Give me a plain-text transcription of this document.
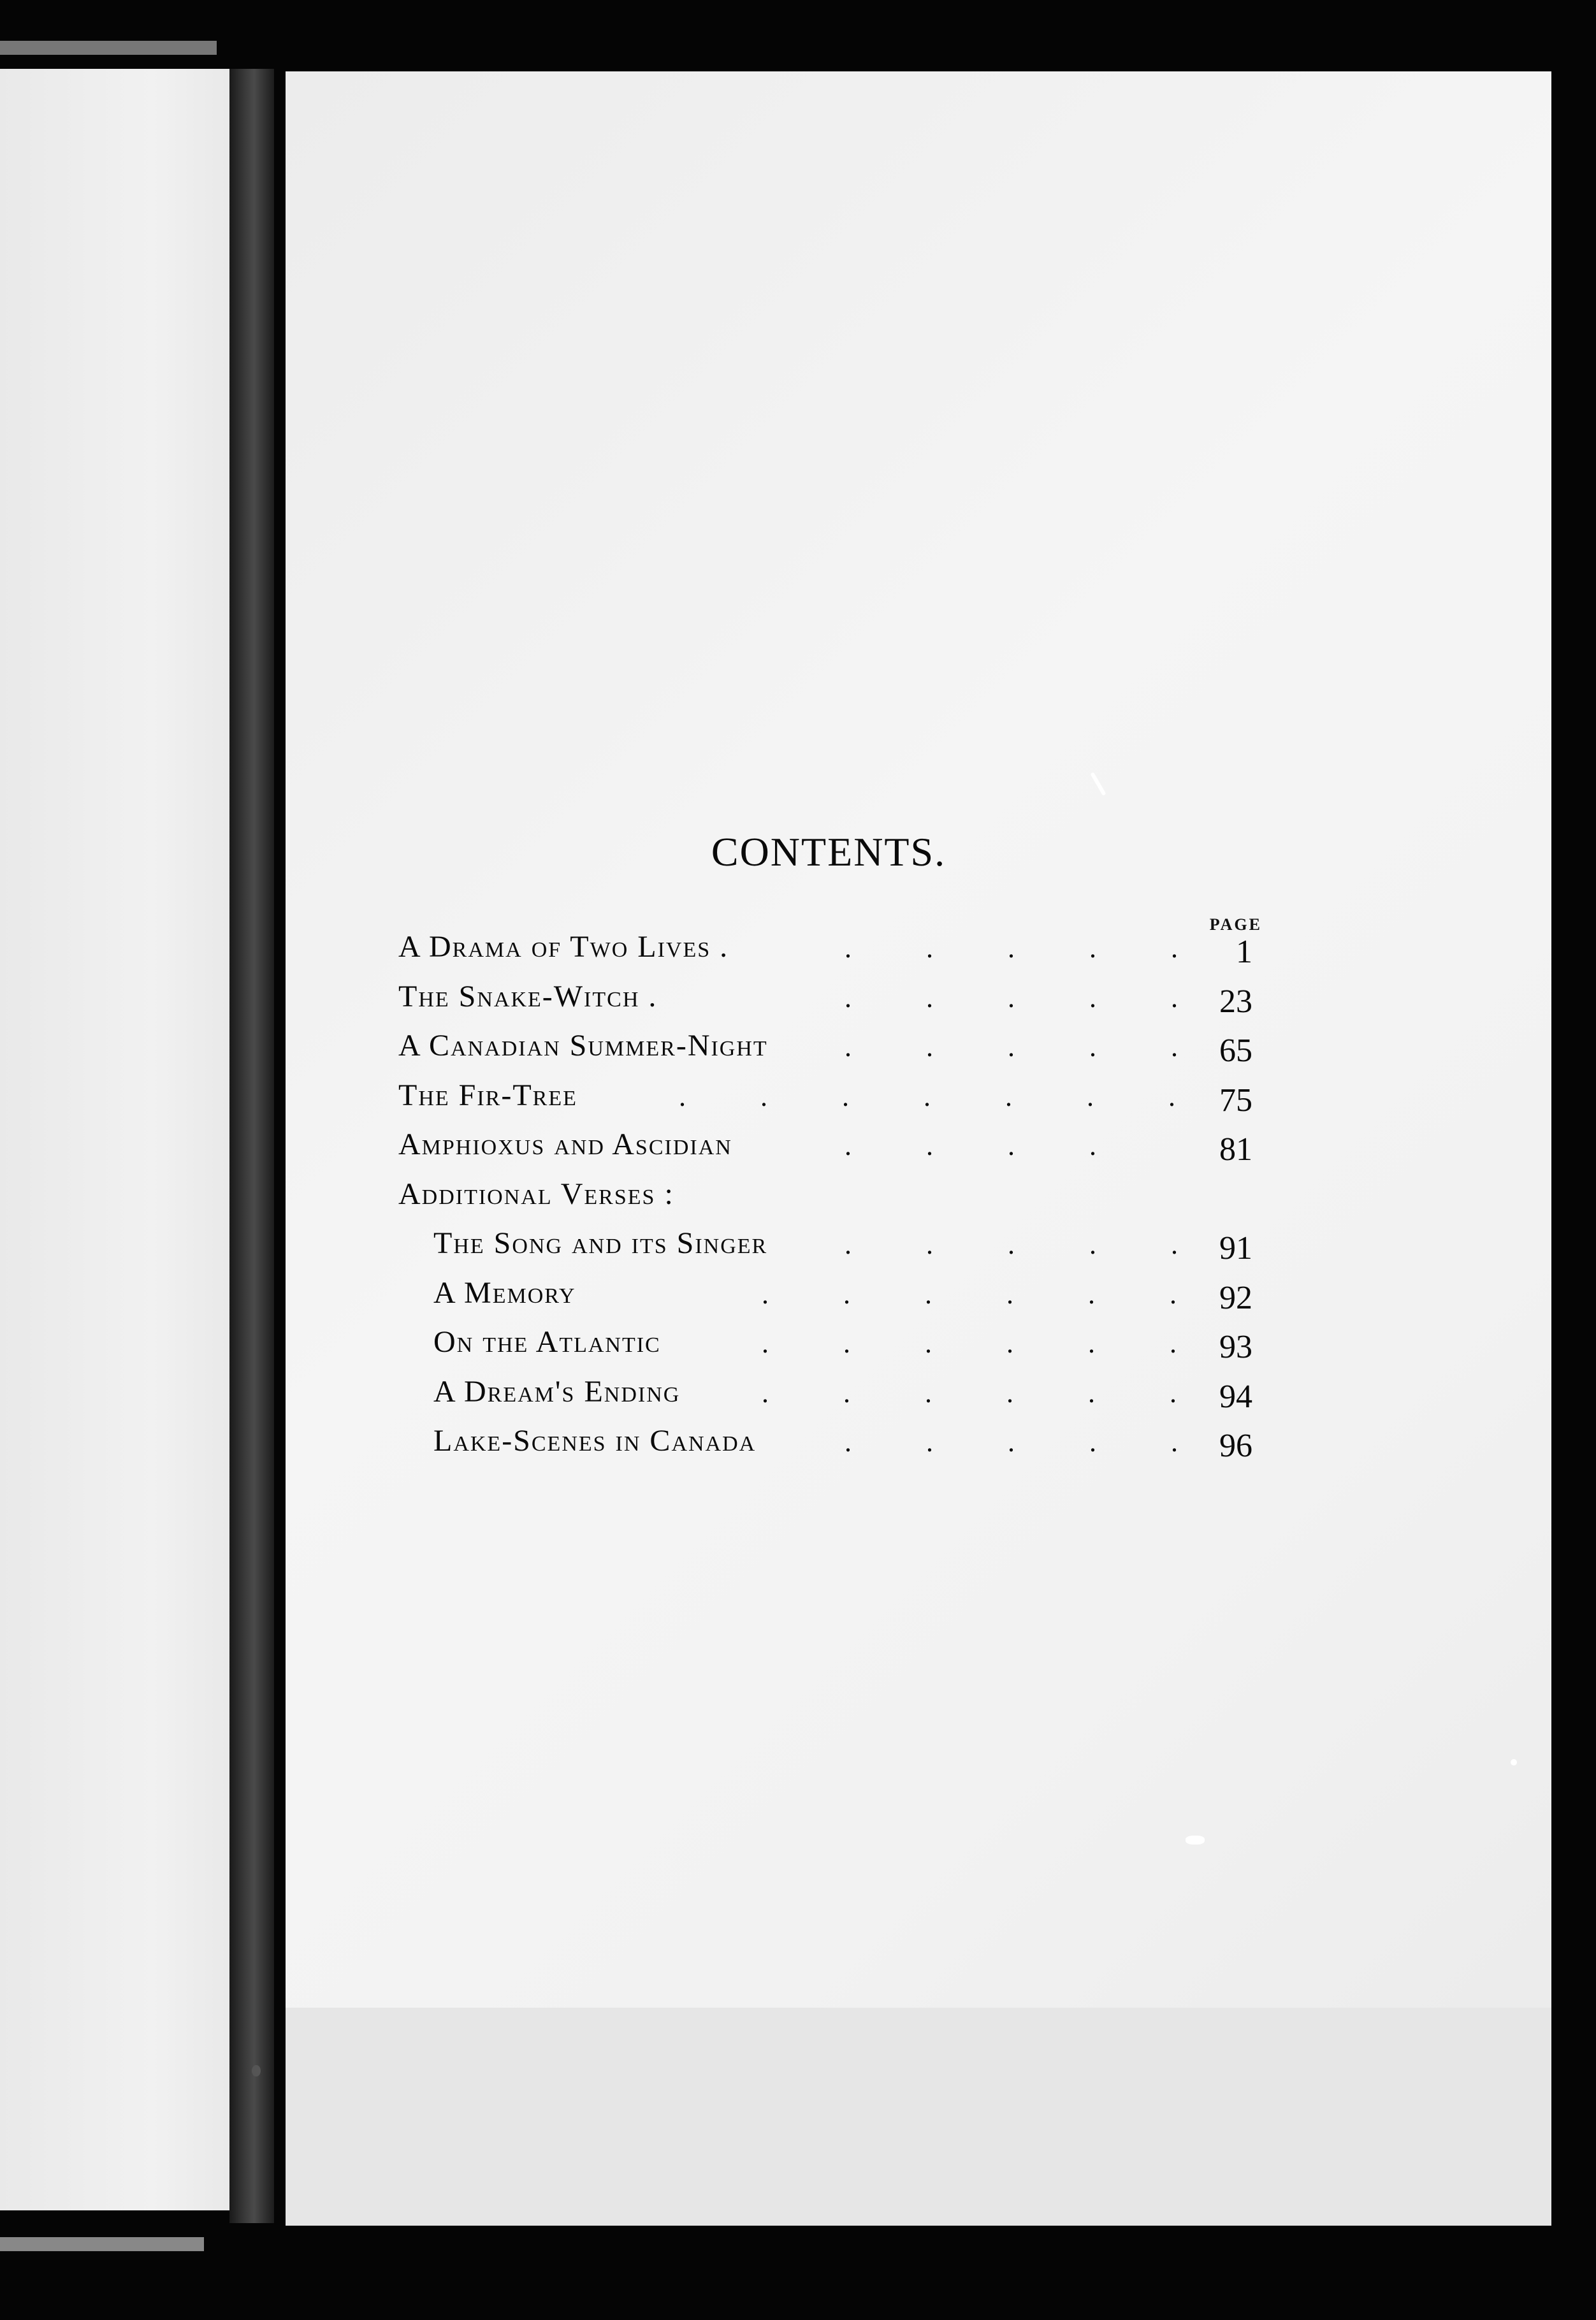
CONTENTS.
PAGE
A Drama of Two Lives .	.	.	.	.	.	1
The Snake-Witch .	.	.	.	.	.	23
A Canadian Summer-Night	.	.	.	.	.	65
The Fir-Tree	.	.	.	.	.	.	.	75
Amphioxus and Ascidian	.	.	.	.	81
Additional Verses :
The Song and its Singer	.	.	.	.	.	91
A Memory	.	.	.	.	.	.	92
On the Atlantic	.	.	.	.	.	.	93
A Dream's Ending	.	.	.	.	.	.	94
Lake-Scenes in Canada	.	.	.	.	.	96
